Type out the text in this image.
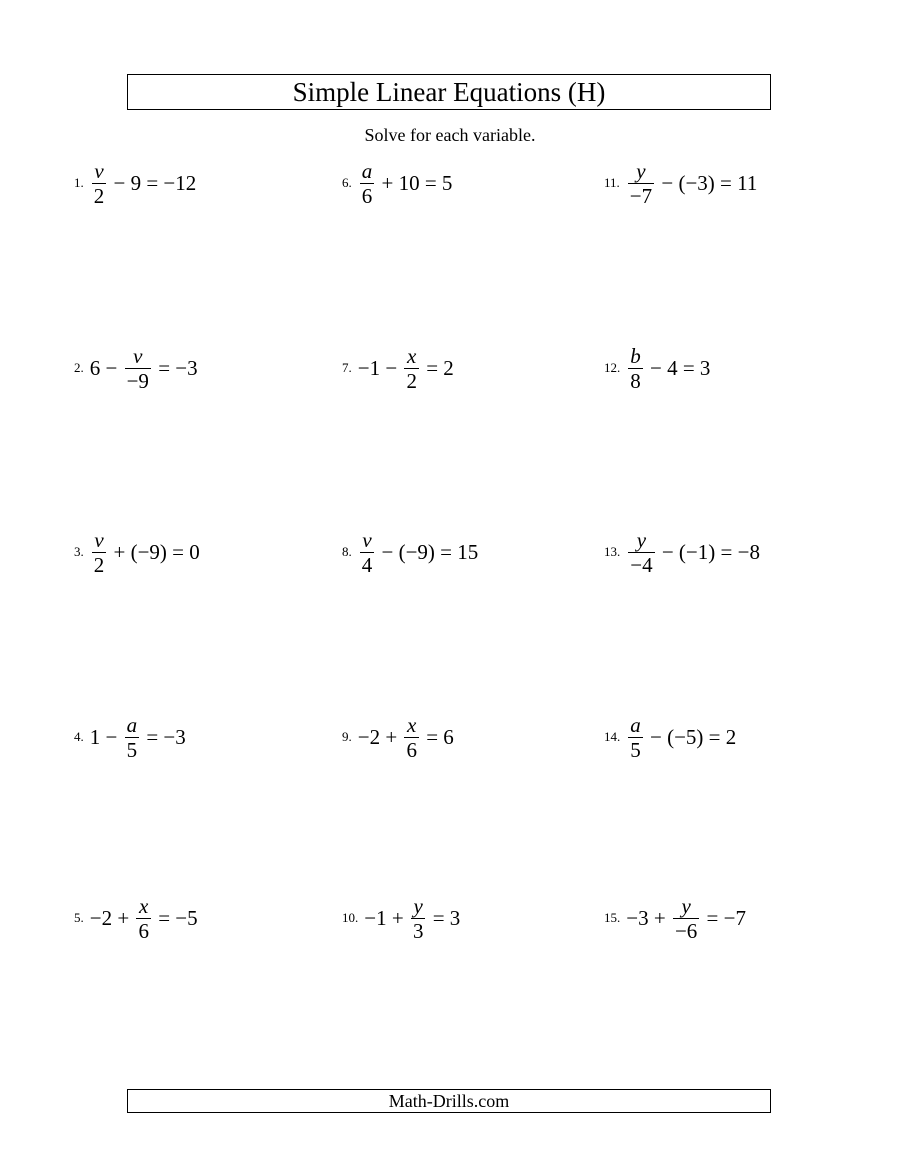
Simple Linear Equations (H)
Solve for each variable.
1. $\frac{v}{2} - 9 = -12$
2. $6 - \frac{v}{-9} = -3$
3. $\frac{v}{2} + (-9) = 0$
4. $1 - \frac{a}{5} = -3$
5. $-2 + \frac{x}{6} = -5$
6. $\frac{a}{6} + 10 = 5$
7. $-1 - \frac{x}{2} = 2$
8. $\frac{v}{4} - (-9) = 15$
9. $-2 + \frac{x}{6} = 6$
10. $-1 + \frac{y}{3} = 3$
11. $\frac{y}{-7} - (-3) = 11$
12. $\frac{b}{8} - 4 = 3$
13. $\frac{y}{-4} - (-1) = -8$
14. $\frac{a}{5} - (-5) = 2$
15. $-3 + \frac{y}{-6} = -7$
Math-Drills.com
